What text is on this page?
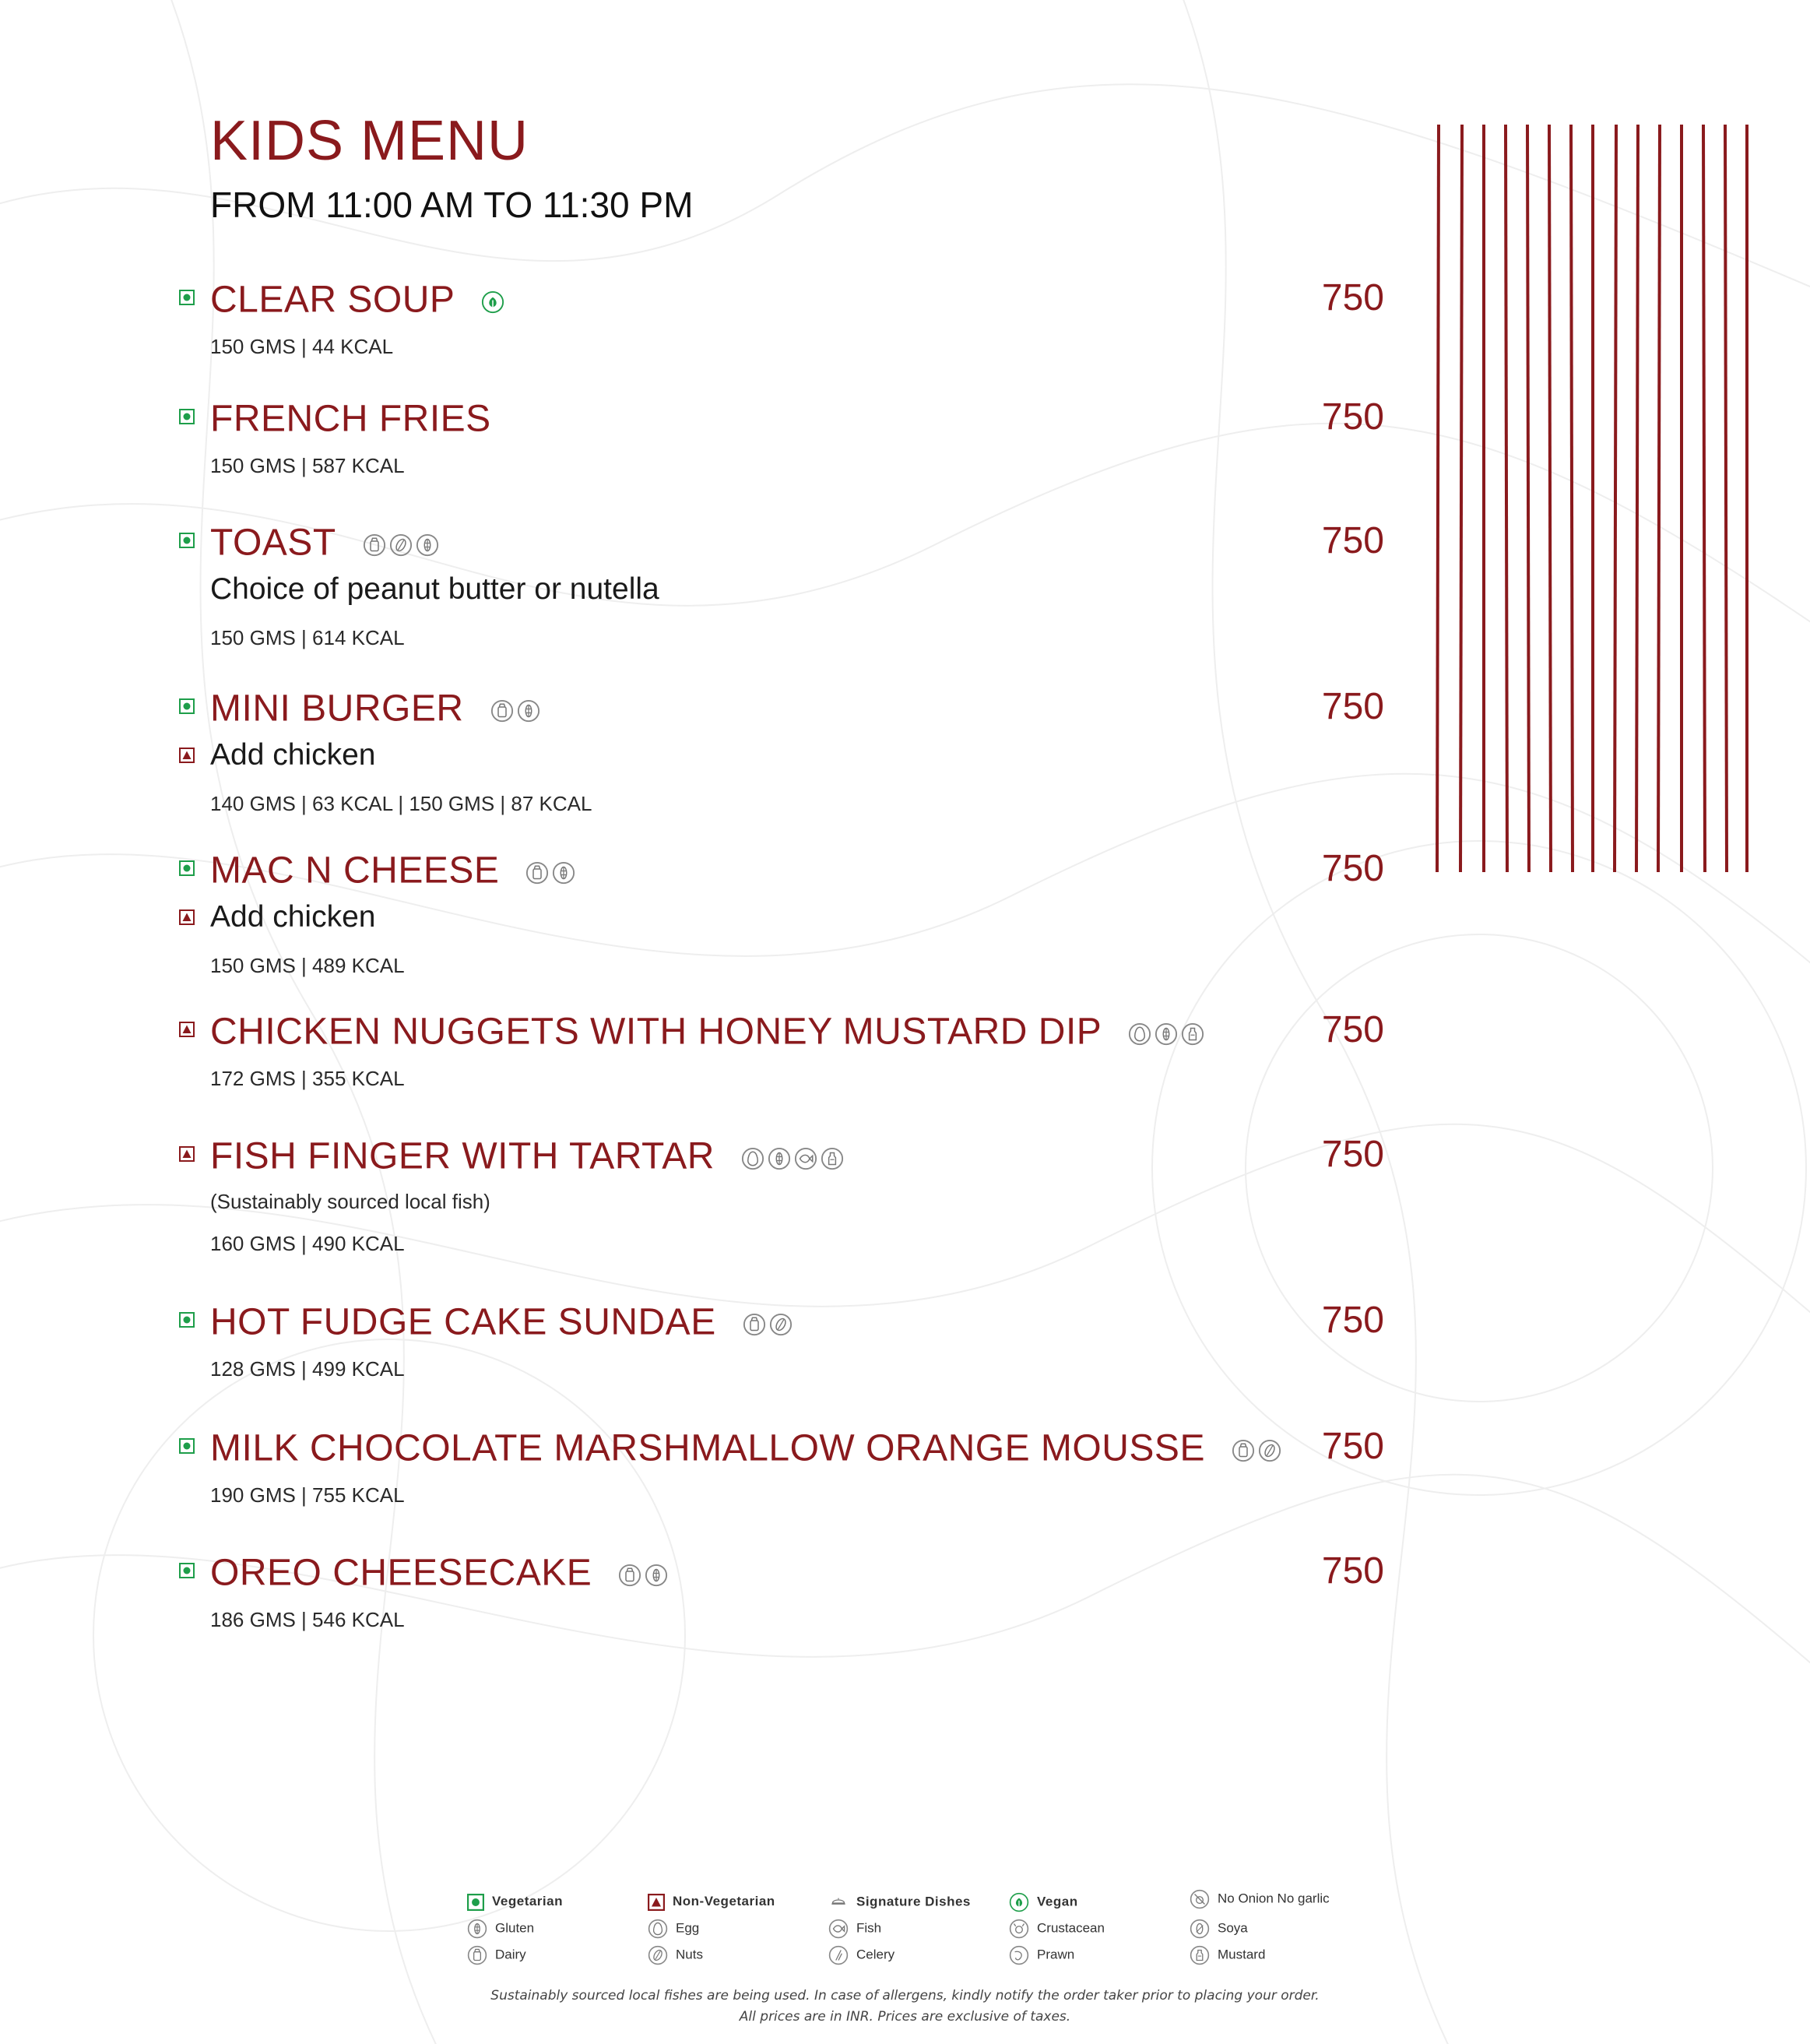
KIDS MENU
FROM 11:00 AM TO 11:30 PM
CLEAR SOUP	750
150 GMS | 44 KCAL
FRENCH FRIES	750
150 GMS | 587 KCAL
TOAST	750
Choice of peanut butter or nutella
150 GMS | 614 KCAL
MINI BURGER	750
Add chicken
140 GMS | 63 KCAL | 150 GMS | 87 KCAL
MAC N CHEESE	750
Add chicken
150 GMS | 489 KCAL
CHICKEN NUGGETS WITH HONEY MUSTARD DIP	750
172 GMS | 355 KCAL
FISH FINGER WITH TARTAR	750
(Sustainably sourced local fish)
160 GMS | 490 KCAL
HOT FUDGE CAKE SUNDAE	750
128 GMS | 499 KCAL
MILK CHOCOLATE MARSHMALLOW ORANGE MOUSSE	750
190 GMS | 755 KCAL
OREO CHEESECAKE	750
186 GMS | 546 KCAL
Vegetarian
Gluten
Dairy
Non-Vegetarian
Egg
Nuts
Signature Dishes
Fish
Celery
Vegan
Crustacean
Prawn
No Onion No garlic
Soya
Mustard
Sustainably sourced local fishes are being used. In case of allergens, kindly notify the order taker prior to placing your order.
All prices are in INR. Prices are exclusive of taxes.
